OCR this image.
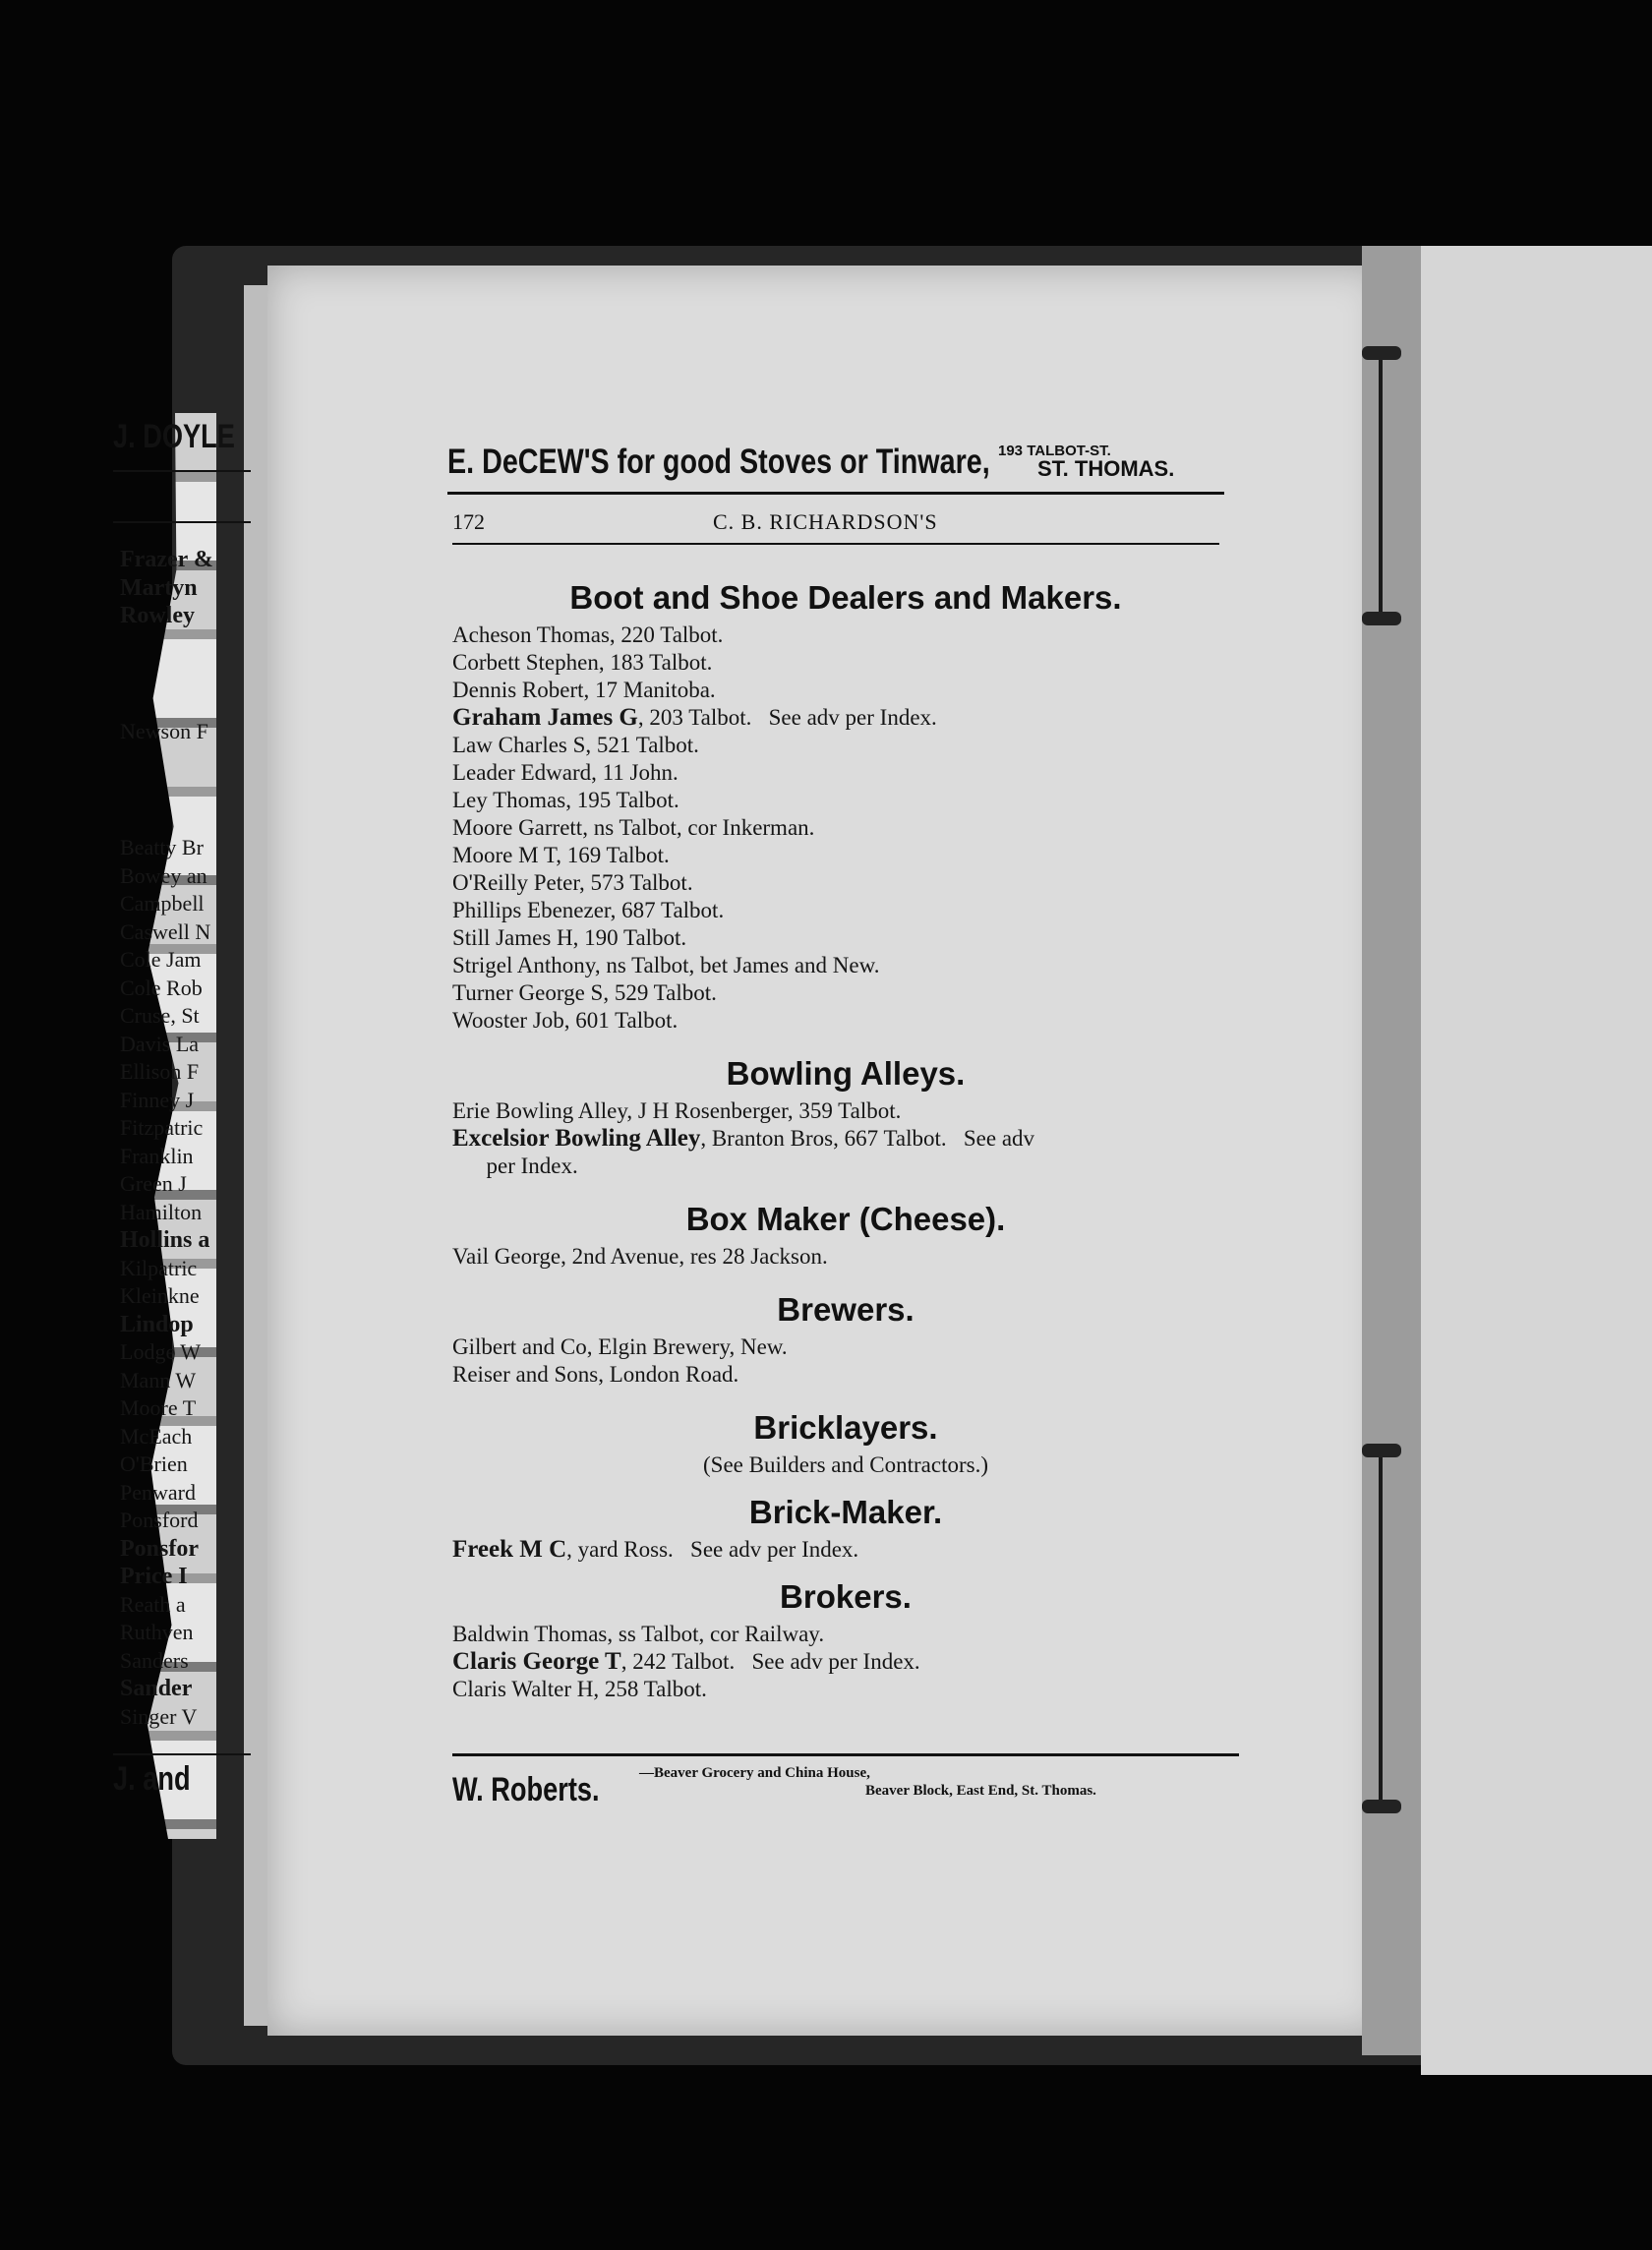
E. DeCEW'S for good Stoves or Tinware, 193 TALBOT-ST.
ST. THOMAS.
172	C. B. RICHARDSON'S
Boot and Shoe Dealers and Makers.

Acheson Thomas, 220 Talbot.

Corbett Stephen, 183 Talbot.

Dennis Robert, 17 Manitoba.

Graham James G, 203 Talbot.   See adv per Index.

Law Charles S, 521 Talbot.

Leader Edward, 11 John.

Ley Thomas, 195 Talbot.

Moore Garrett, ns Talbot, cor Inkerman.

Moore M T, 169 Talbot.

O'Reilly Peter, 573 Talbot.

Phillips Ebenezer, 687 Talbot.

Still James H, 190 Talbot.

Strigel Anthony, ns Talbot, bet James and New.

Turner George S, 529 Talbot.

Wooster Job, 601 Talbot.

Bowling Alleys.

Erie Bowling Alley, J H Rosenberger, 359 Talbot.

Excelsior Bowling Alley, Branton Bros, 667 Talbot.   See adv

per Index.

Box Maker (Cheese).

Vail George, 2nd Avenue, res 28 Jackson.

Brewers.

Gilbert and Co, Elgin Brewery, New.

Reiser and Sons, London Road.

Bricklayers.

(See Builders and Contractors.)

Brick-Maker.

Freek M C, yard Ross.   See adv per Index.

Brokers.

Baldwin Thomas, ss Talbot, cor Railway.

Claris George T, 242 Talbot.   See adv per Index.

Claris Walter H, 258 Talbot.

W. Roberts.	—Beaver Grocery and China House,
Beaver Block, East End, St. Thomas.
J. DOYLE
Frazer &
Martyn
Rowley
Newson F
Beatty Br
Bowey an
Campbell
Caswell N
Cole Jam
Cole Rob
Cruse, St
Davis La
Ellison F
Finney J
Fitzpatric
Franklin
Green J
Hamilton
Hollins a
Kilpatric
Kleinkne
Lindop
Lodge W
Mann W
Moore T
McEach
O'Brien
Penward
Ponsford
Ponsfor
Price I
Reath a
Ruthven
Sanders
Sander
Singer V
J. and
